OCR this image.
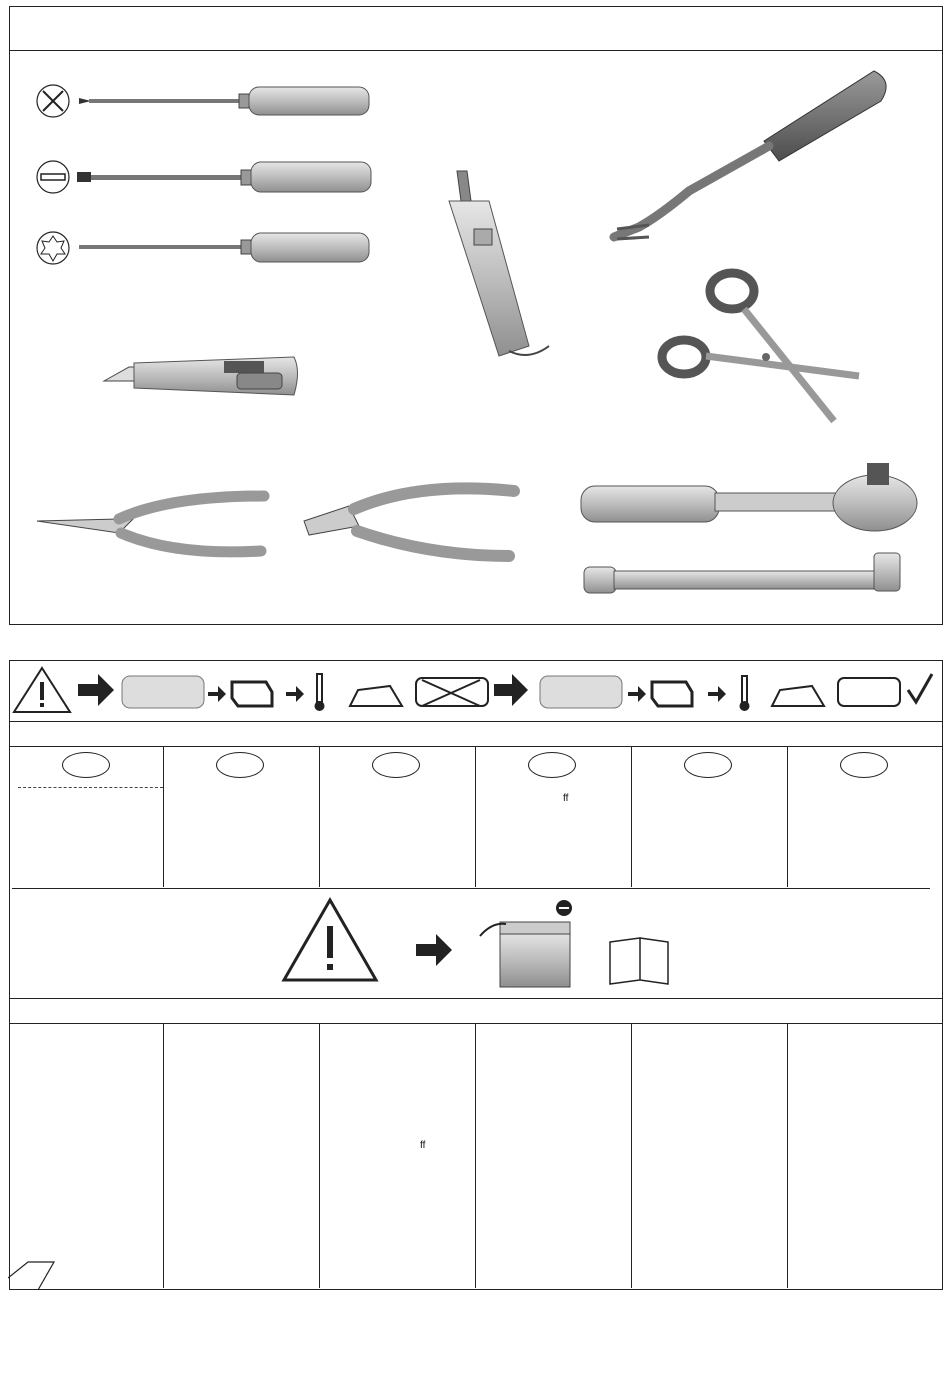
ff
ff
